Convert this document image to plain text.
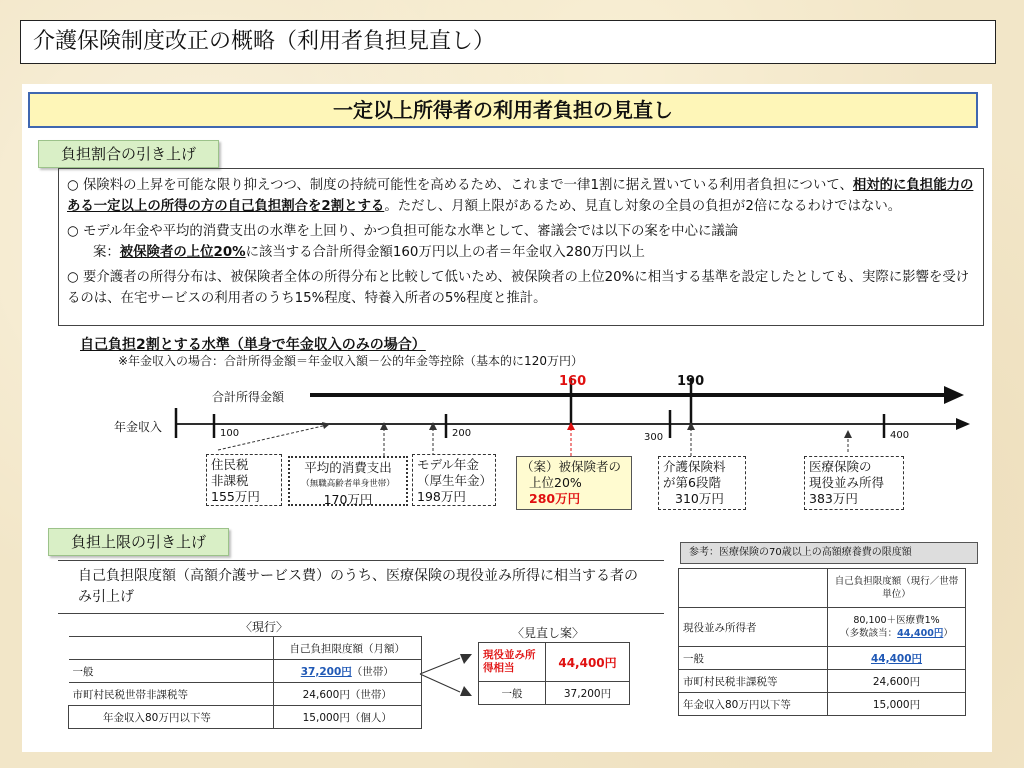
介護保険制度改正の概略（利用者負担見直し）
一定以上所得者の利用者負担の見直し
負担割合の引き上げ

○ 保険料の上昇を可能な限り抑えつつ、制度の持続可能性を高めるため、これまで一律1割に据え置いている利用者負担について、相対的に負担能力のある一定以上の所得の方の自己負担割合を2割とする。ただし、月額上限があるため、見直し対象の全員の負担が2倍になるわけではない。

○ モデル年金や平均的消費支出の水準を上回り、かつ負担可能な水準として、審議会では以下の案を中心に議論

案：被保険者の上位20%に該当する合計所得金額160万円以上の者＝年金収入280万円以上

○ 要介護者の所得分布は、被保険者全体の所得分布と比較して低いため、被保険者の上位20%に相当する基準を設定したとしても、実際に影響を受けるのは、在宅サービスの利用者のうち15%程度、特養入所者の5%程度と推計。

自己負担2割とする水準（単身で年金収入のみの場合）
※年金収入の場合：合計所得金額＝年金収入額－公的年金等控除（基本的に120万円）
合計所得金額
年金収入
160	190
100	200	300	400
住民税
非課税
155万円
平均的消費支出
（無職高齢者単身世帯）
170万円
モデル年金
（厚生年金）
198万円
（案）被保険者の
上位20%
280万円
介護保険料
が第6段階
310万円
医療保険の
現役並み所得
383万円
負担上限の引き上げ
自己負担限度額（高額介護サービス費）のうち、医療保険の現役並み所得に相当する者のみ引上げ
〈現行〉
	自己負担限度額（月額）
一般	37,200円（世帯）
市町村民税世帯非課税等	24,600円（世帯）
年金収入80万円以下等	15,000円（個人）
〈見直し案〉
現役並み所得相当	44,400円
一般	37,200円
参考：医療保険の70歳以上の高額療養費の限度額
	自己負担限度額（現行／世帯単位）
現役並み所得者	80,100＋医療費1%
（多数該当：44,400円）

一般	44,400円
市町村民税非課税等	24,600円
年金収入80万円以下等	15,000円
